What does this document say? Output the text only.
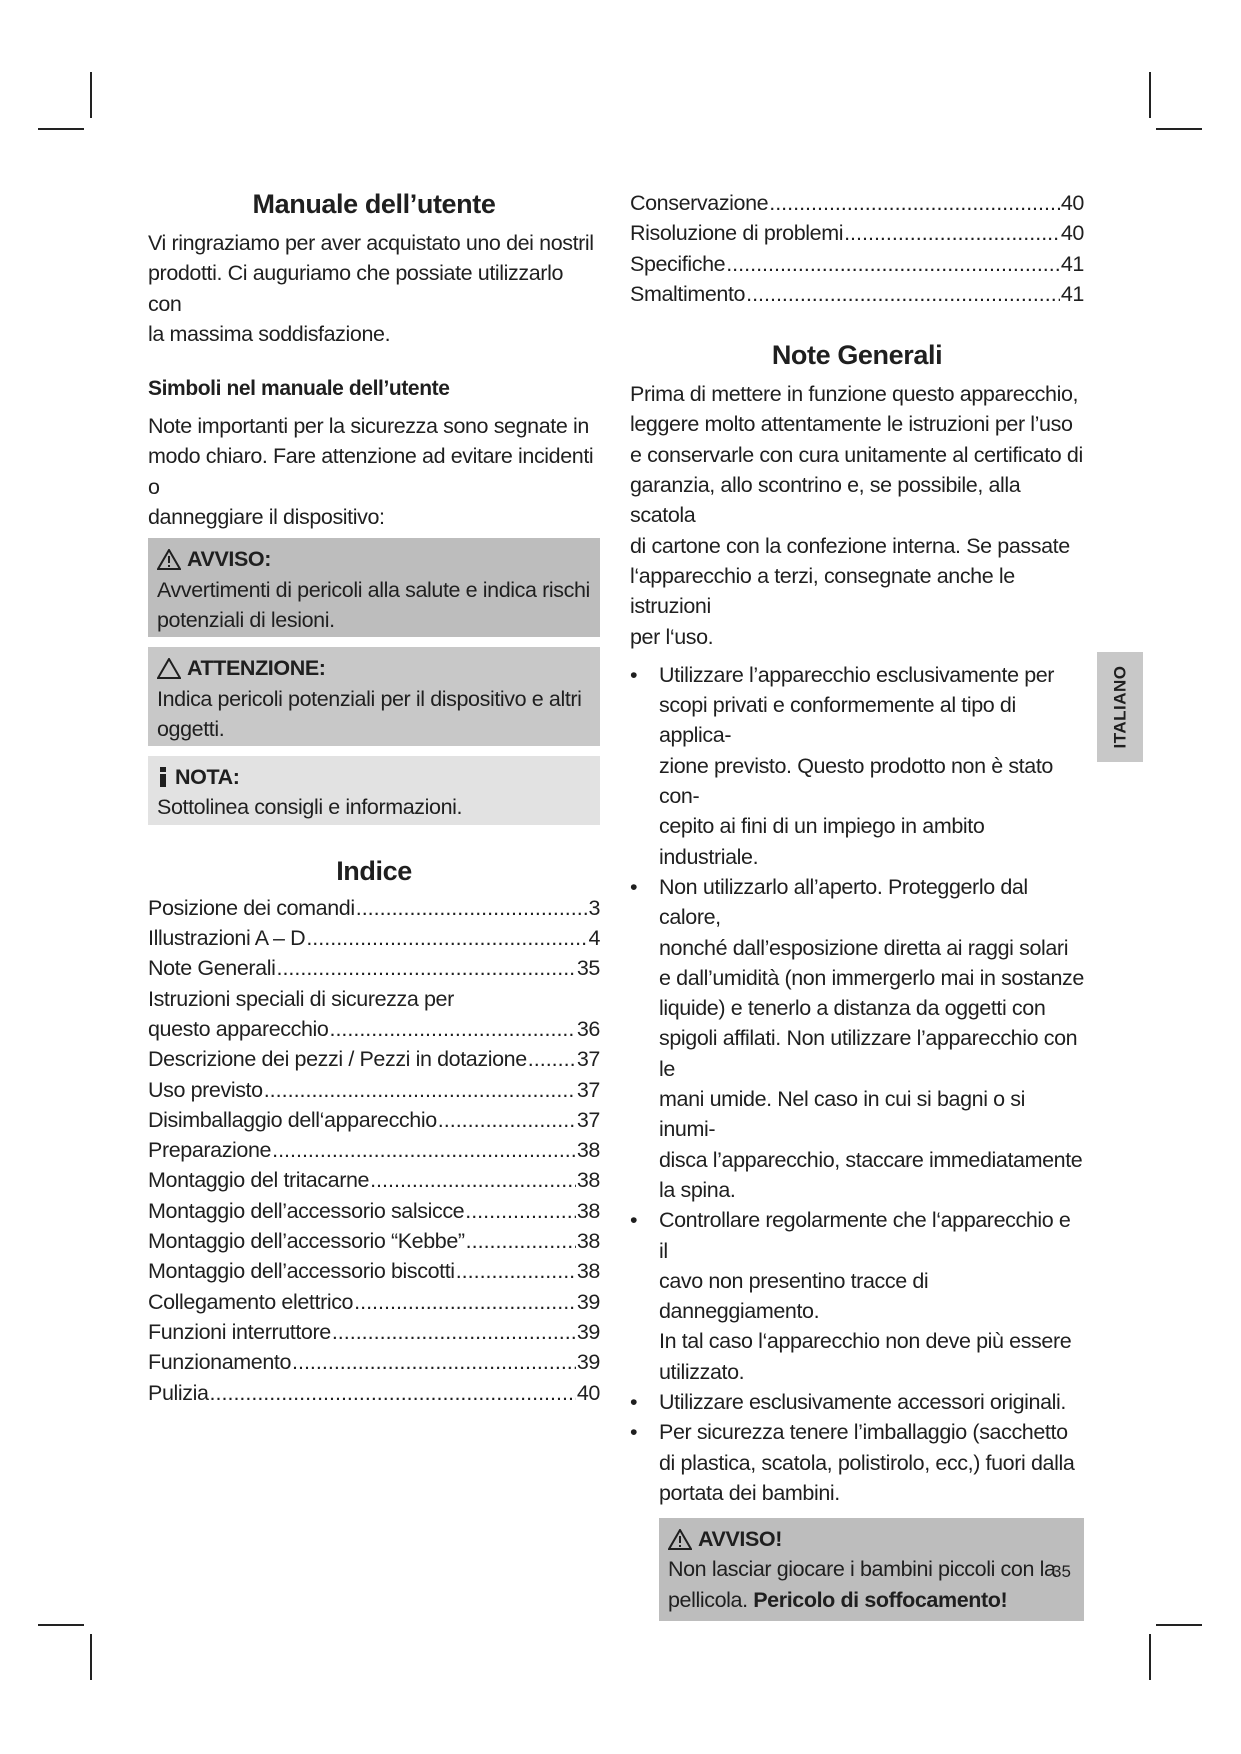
Manuale dell’utente

Vi ringraziamo per aver acquistato uno dei nostril

prodotti. Ci auguriamo che possiate utilizzarlo con

la massima soddisfazione.

Simboli nel manuale dell’utente

Note importanti per la sicurezza sono segnate in

modo chiaro. Fare attenzione ad evitare incidenti o

danneggiare il dispositivo:

AVVISO:
Avvertimenti di pericoli alla salute e indica rischi
potenziali di lesioni.
ATTENZIONE:
Indica pericoli potenziali per il dispositivo e altri
oggetti.
NOTA:
Sottolinea consigli e informazioni.
Indice
Posizione dei comandi .....	3
Illustrazioni A – D .....	4
Note Generali .....	35
Istruzioni speciali di sicurezza per
questo apparecchio .....	36
Descrizione dei pezzi / Pezzi in dotazione ..... 37
Uso previsto .....	37
Disimballaggio dell‘apparecchio .....	37
Preparazione .....	38
Montaggio del tritacarne .....	38
Montaggio dell’accessorio salsicce .....	38
Montaggio dell’accessorio “Kebbe” .....	38
Montaggio dell’accessorio biscotti .....	38
Collegamento elettrico .....	39
Funzioni interruttore .....	39
Funzionamento .....	39
Pulizia .....	40
Conservazione .....	40
Risoluzione di problemi .....	40
Specifiche .....	41
Smaltimento .....	41
Note Generali

Prima di mettere in funzione questo apparecchio,

leggere molto attentamente le istruzioni per l’uso

e conservarle con cura unitamente al certificato di

garanzia, allo scontrino e, se possibile, alla scatola

di cartone con la confezione interna. Se passate

l‘apparecchio a terzi, consegnate anche le istruzioni

per l‘uso.

•	Utilizzare l’apparecchio esclusivamente per
scopi privati e conformemente al tipo di applica-
zione previsto. Questo prodotto non è stato con-
cepito ai fini di un impiego in ambito industriale.
•	Non utilizzarlo all’aperto. Proteggerlo dal calore,
nonché dall’esposizione diretta ai raggi solari
e dall’umidità (non immergerlo mai in sostanze
liquide) e tenerlo a distanza da oggetti con
spigoli affilati. Non utilizzare l’apparecchio con le
mani umide. Nel caso in cui si bagni o si inumi-
disca l’apparecchio, staccare immediatamente
la spina.
•	Controllare regolarmente che l‘apparecchio e il
cavo non presentino tracce di danneggiamento.
In tal caso l‘apparecchio non deve più essere
utilizzato.
•	Utilizzare esclusivamente accessori originali.
•	Per sicurezza tenere l’imballaggio (sacchetto
di plastica, scatola, polistirolo, ecc,) fuori dalla
portata dei bambini.
AVVISO!
Non lasciar giocare i bambini piccoli con la
pellicola. Pericolo di soffocamento!
ITALIANO
35
